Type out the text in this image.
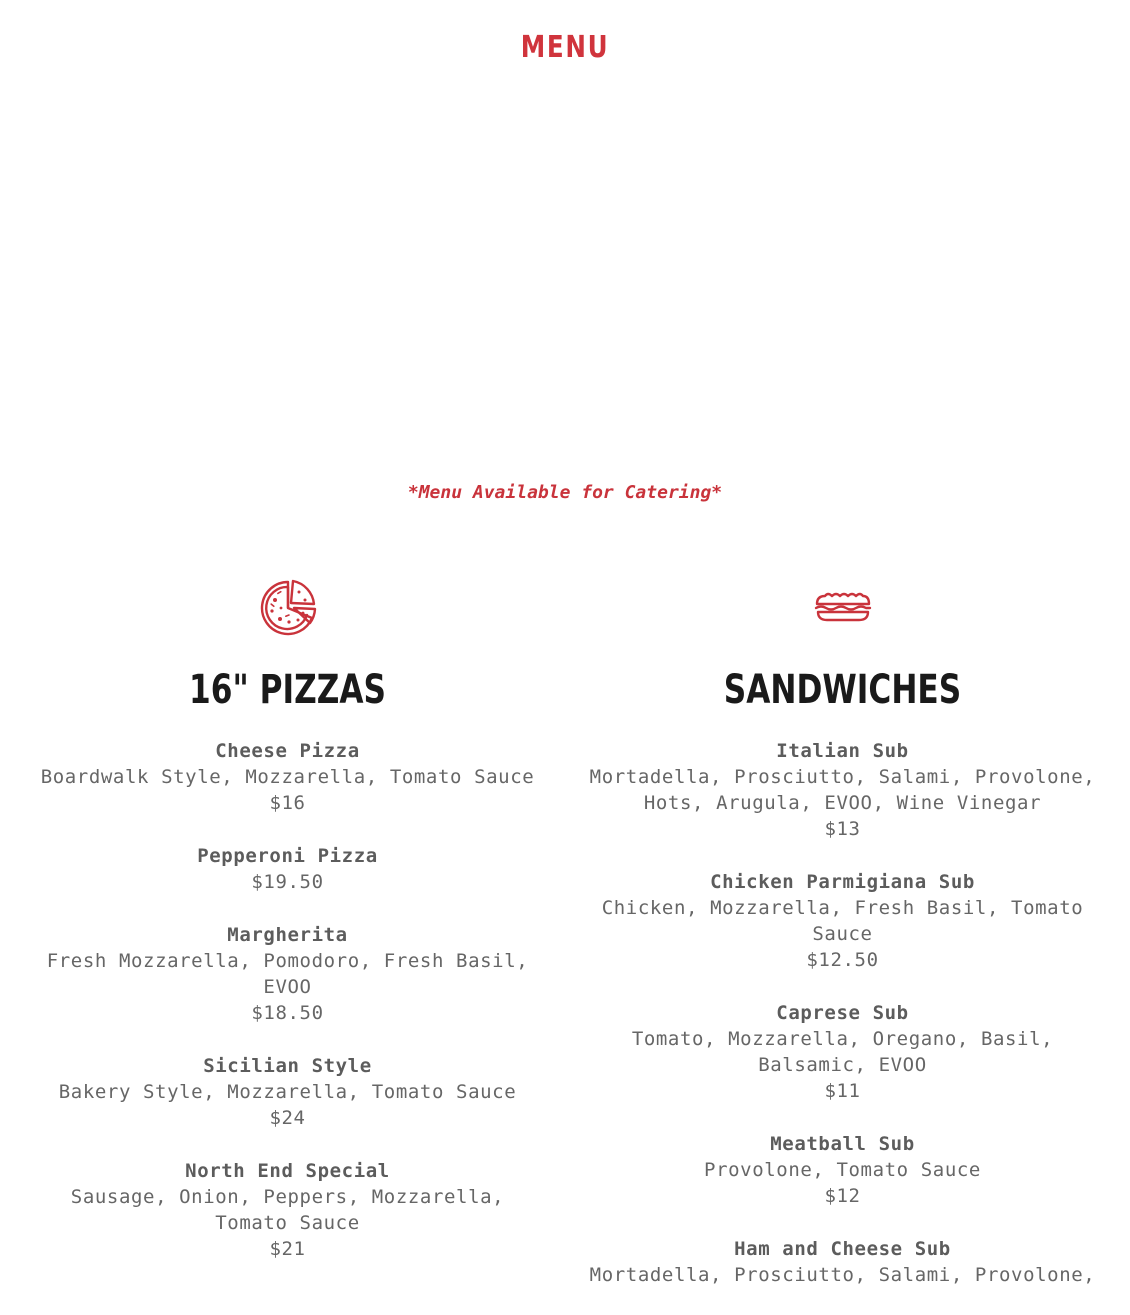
MENU
*Menu Available for Catering*
16" PIZZAS
Cheese Pizza
Boardwalk Style, Mozzarella, Tomato Sauce
$16
Pepperoni Pizza
$19.50
Margherita
Fresh Mozzarella, Pomodoro, Fresh Basil, EVOO
$18.50
Sicilian Style
Bakery Style, Mozzarella, Tomato Sauce
$24
North End Special
Sausage, Onion, Peppers, Mozzarella, Tomato Sauce
$21
SANDWICHES
Italian Sub
Mortadella, Prosciutto, Salami, Provolone, Hots, Arugula, EVOO, Wine Vinegar
$13
Chicken Parmigiana Sub
Chicken, Mozzarella, Fresh Basil, Tomato Sauce
$12.50
Caprese Sub
Tomato, Mozzarella, Oregano, Basil, Balsamic, EVOO
$11
Meatball Sub
Provolone, Tomato Sauce
$12
Ham and Cheese Sub
Mortadella, Prosciutto, Salami, Provolone,
